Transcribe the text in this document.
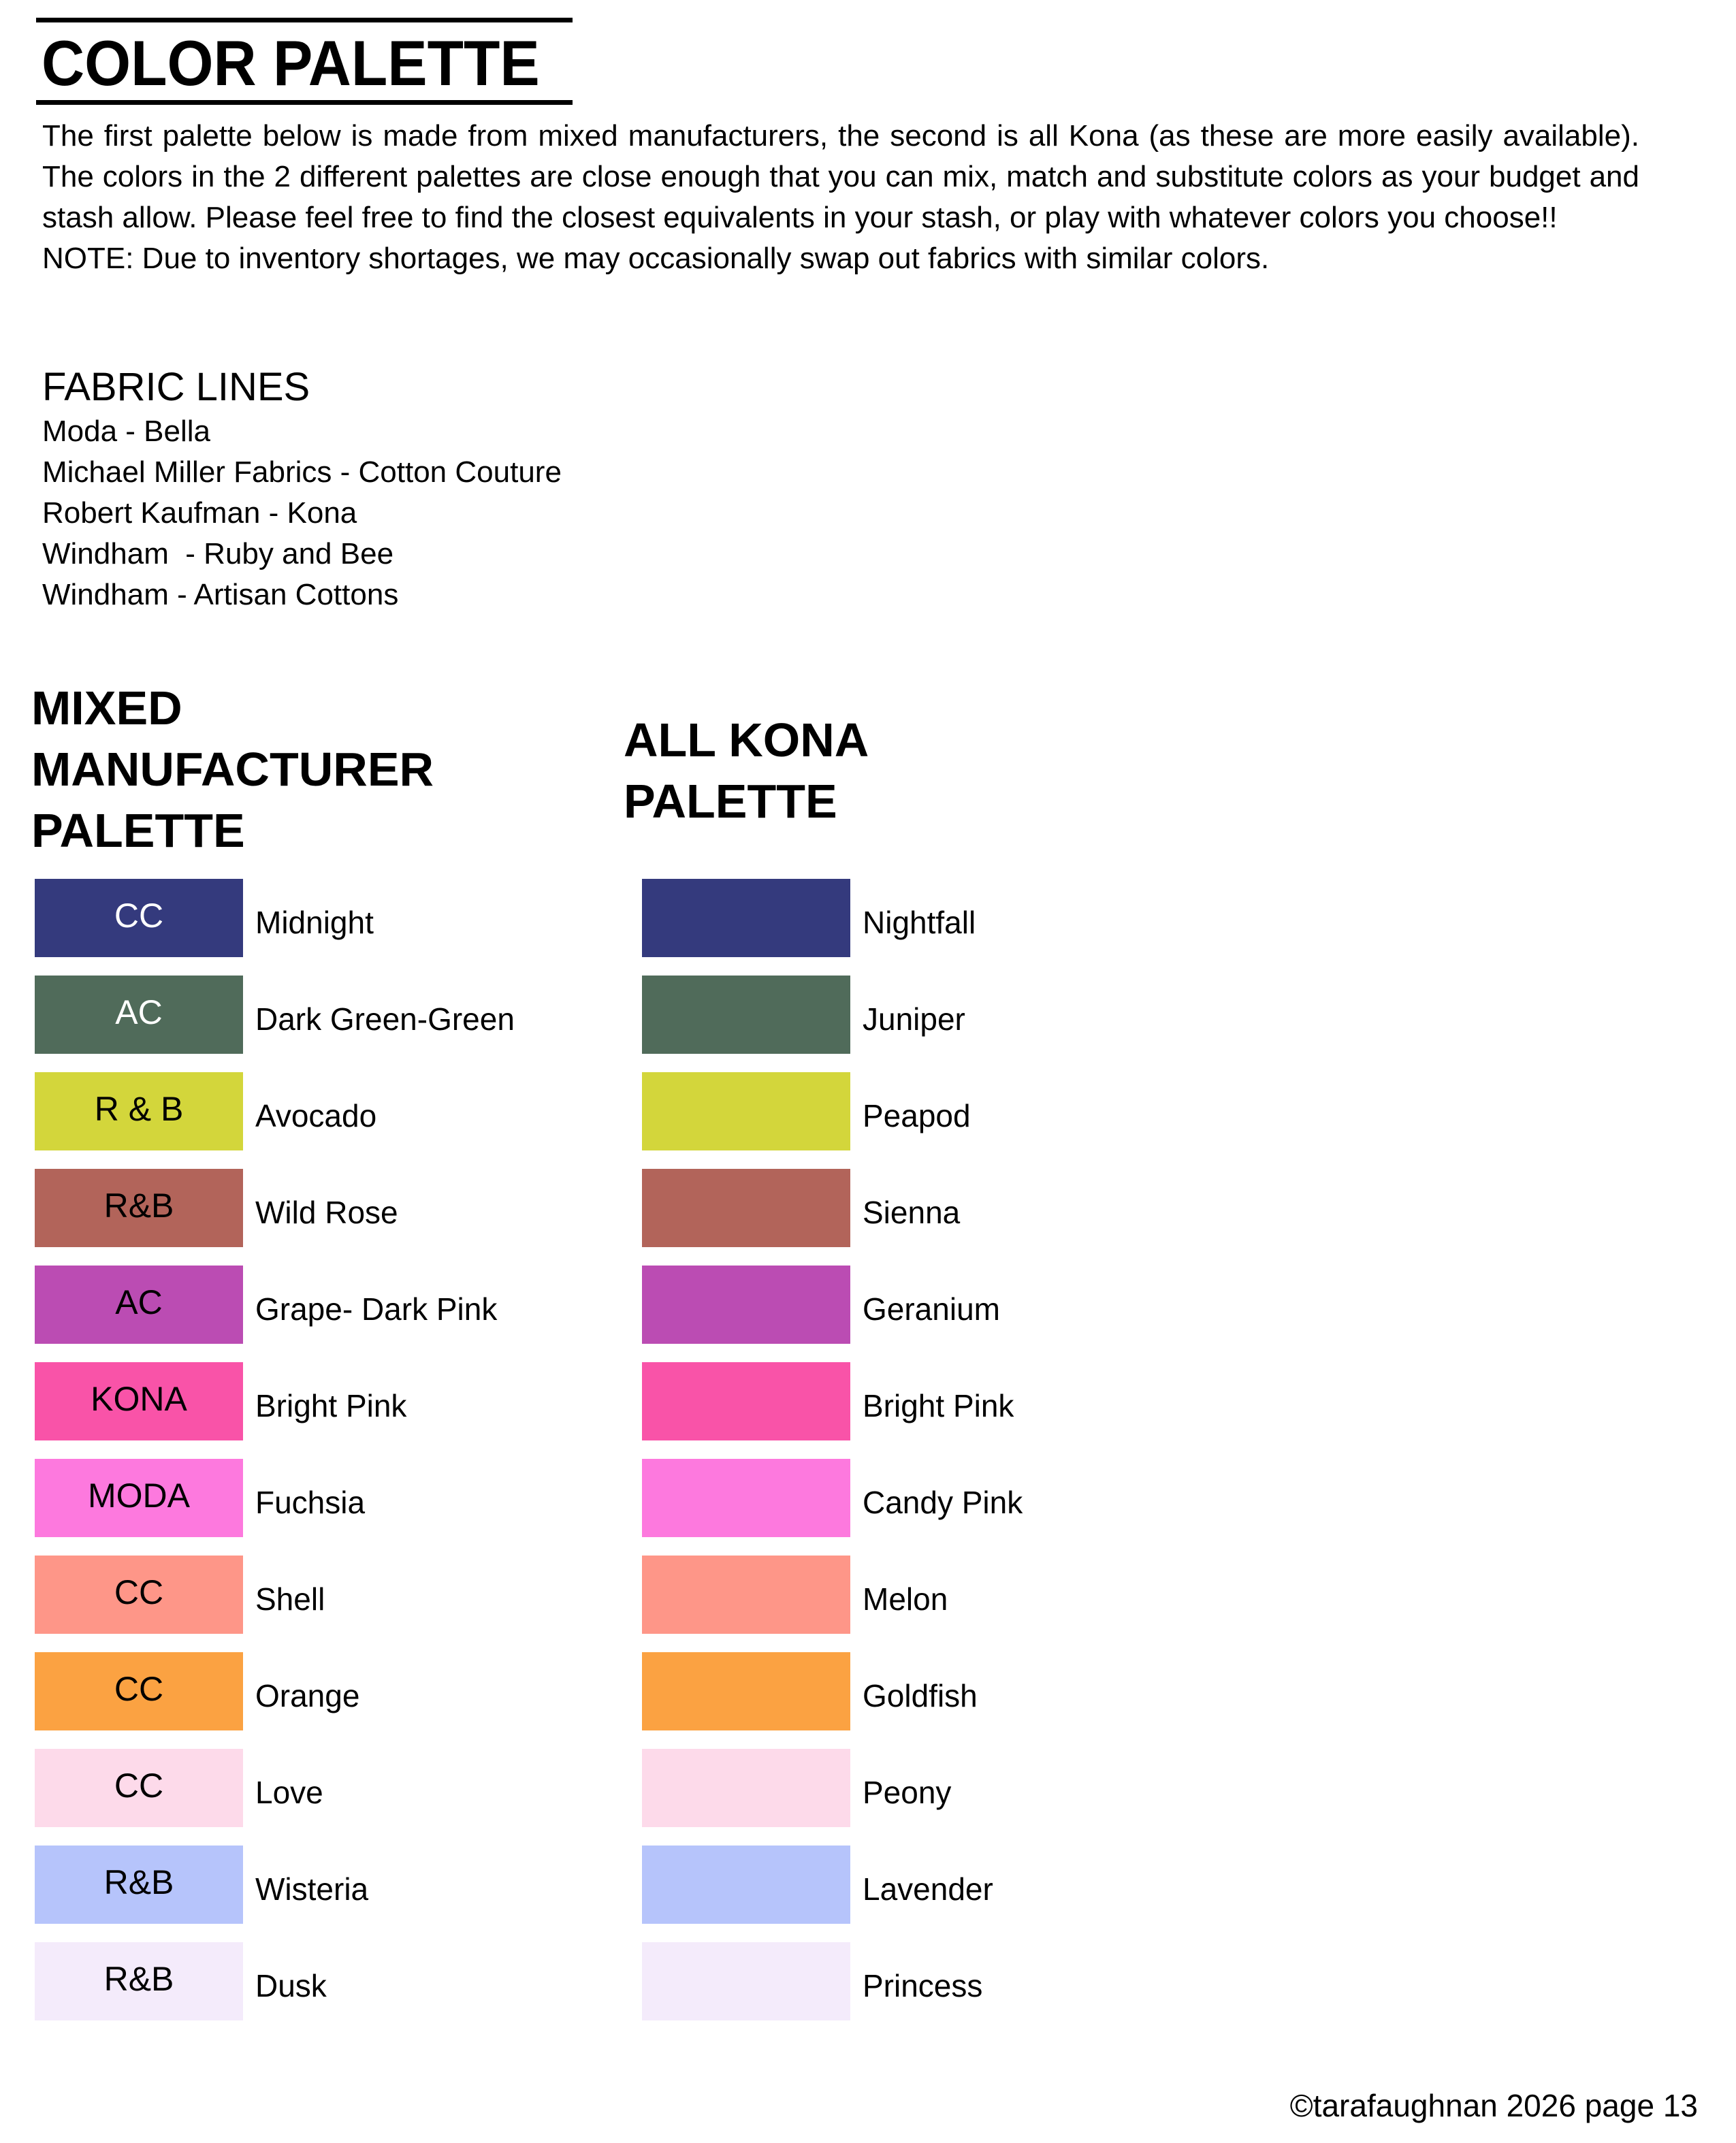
COLOR PALETTE

The first palette below is made from mixed manufacturers, the second is all Kona (as these are more easily available). The colors in the 2 different palettes are close enough that you can mix, match and substitute colors as your budget and stash allow. Please feel free to find the closest equivalents in your stash, or play with whatever colors you choose!!

NOTE: Due to inventory shortages, we may occasionally swap out fabrics with similar colors.

FABRIC LINES
Moda - Bella
Michael Miller Fabrics - Cotton Couture
Robert Kaufman - Kona
Windham  - Ruby and Bee
Windham - Artisan Cottons
MIXED
MANUFACTURER
PALETTE
ALL KONA
PALETTE
CC	Midnight
AC	Dark Green-Green
R & B Avocado
R&B	Wild Rose
AC	Grape- Dark Pink
KONA Bright Pink
MODA Fuchsia
CC	Shell
CC	Orange
CC	Love
R&B	Wisteria
R&B	Dusk
Nightfall
Juniper
Peapod
Sienna
Geranium
Bright Pink
Candy Pink
Melon
Goldfish
Peony
Lavender
Princess
©tarafaughnan 2026 page 13
